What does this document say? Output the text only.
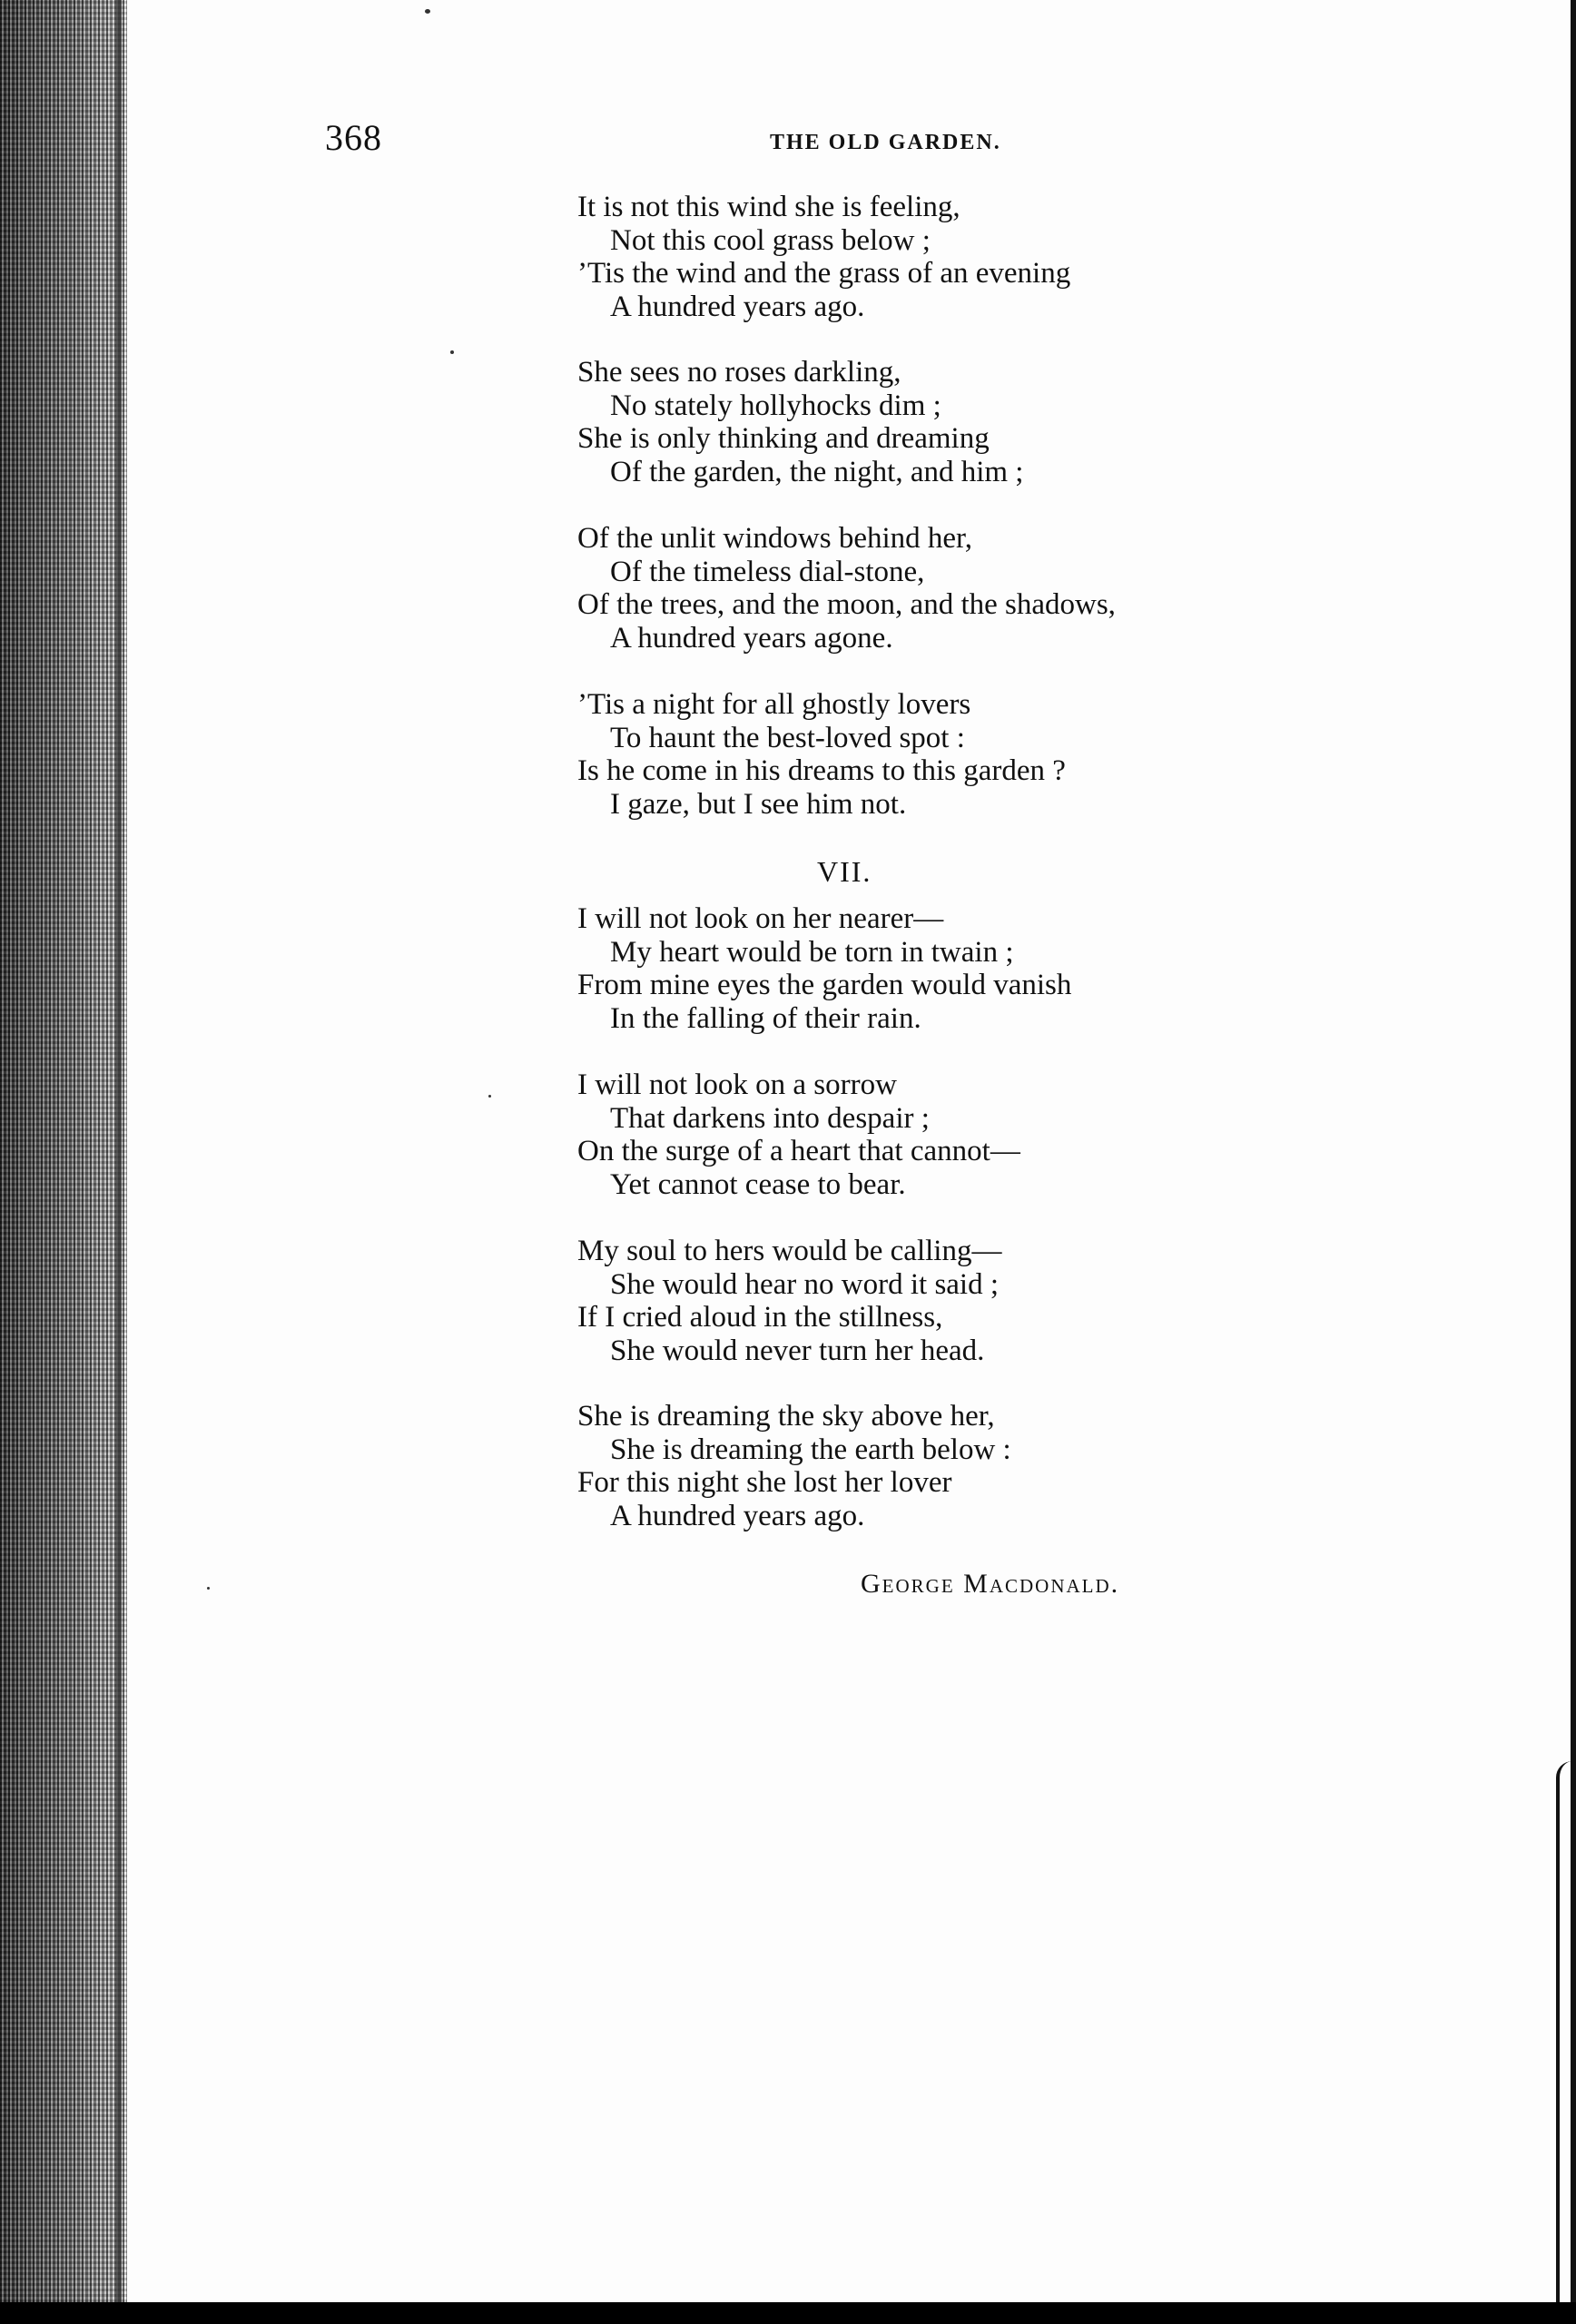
368	THE OLD GARDEN.
It is not this wind she is feeling,
Not this cool grass below ;
’Tis the wind and the grass of an evening
A hundred years ago.
She sees no roses darkling,
No stately hollyhocks dim ;
She is only thinking and dreaming
Of the garden, the night, and him ;
Of the unlit windows behind her,
Of the timeless dial-stone,
Of the trees, and the moon, and the shadows,
A hundred years agone.
’Tis a night for all ghostly lovers
To haunt the best-loved spot :
Is he come in his dreams to this garden ?
I gaze, but I see him not.
VII.
I will not look on her nearer—
My heart would be torn in twain ;
From mine eyes the garden would vanish
In the falling of their rain.
I will not look on a sorrow
That darkens into despair ;
On the surge of a heart that cannot—
Yet cannot cease to bear.
My soul to hers would be calling—
She would hear no word it said ;
If I cried aloud in the stillness,
She would never turn her head.
She is dreaming the sky above her,
She is dreaming the earth below :
For this night she lost her lover
A hundred years ago.
George Macdonald.
